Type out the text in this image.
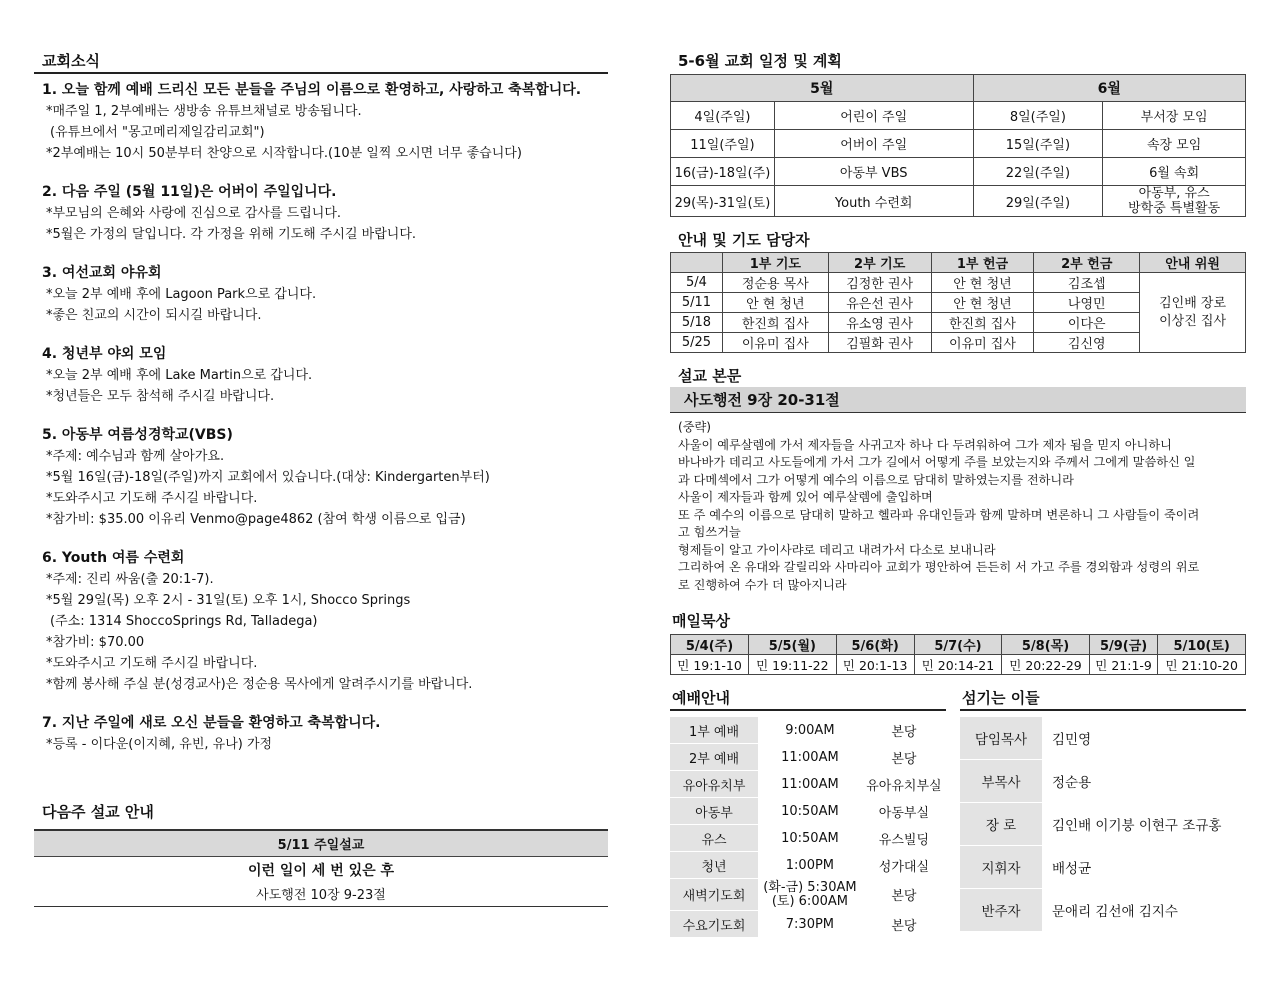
교회소식
1. 오늘 함께 예배 드리신 모든 분들을 주님의 이름으로 환영하고, 사랑하고 축복합니다.
*매주일 1, 2부예배는 생방송 유튜브채널로 방송됩니다.
(유튜브에서 "몽고메리제일감리교회")
*2부예배는 10시 50분부터 찬양으로 시작합니다.(10분 일찍 오시면 너무 좋습니다)
2. 다음 주일 (5월 11일)은 어버이 주일입니다.
*부모님의 은혜와 사랑에 진심으로 감사를 드립니다.
*5월은 가정의 달입니다. 각 가정을 위해 기도해 주시길 바랍니다.
3. 여선교회 야유회
*오늘 2부 예배 후에 Lagoon Park으로 갑니다.
*좋은 친교의 시간이 되시길 바랍니다.
4. 청년부 야외 모임
*오늘 2부 예배 후에 Lake Martin으로 갑니다.
*청년들은 모두 참석해 주시길 바랍니다.
5. 아동부 여름성경학교(VBS)
*주제: 예수님과 함께 살아가요.
*5월 16일(금)-18일(주일)까지 교회에서 있습니다.(대상: Kindergarten부터)
*도와주시고 기도해 주시길 바랍니다.
*참가비: $35.00 이유리 Venmo@page4862 (참여 학생 이름으로 입금)
6. Youth 여름 수련회
*주제: 진리 싸움(출 20:1-7).
*5월 29일(목) 오후 2시 - 31일(토) 오후 1시, Shocco Springs
(주소: 1314 ShoccoSprings Rd, Talladega)
*참가비: $70.00
*도와주시고 기도해 주시길 바랍니다.
*함께 봉사해 주실 분(성경교사)은 정순용 목사에게 알려주시기를 바랍니다.
7. 지난 주일에 새로 오신 분들을 환영하고 축복합니다.
*등록 - 이다운(이지혜, 유빈, 유나) 가정
다음주 설교 안내
5/11 주일설교
이런 일이 세 번 있은 후
사도행전 10장 9-23절
5-6월 교회 일정 및 계획
5월		6월	
4일(주일)	어린이 주일	8일(주일)	부서장 모임
11일(주일)	어버이 주일	15일(주일)	속장 모임
16(금)-18일(주)	아동부 VBS	22일(주일)	6월 속회
29(목)-31일(토)	Youth 수련회	29일(주일)	아동부, 유스
방학중 특별활동
안내 및 기도 담당자
	1부 기도	2부 기도	1부 헌금	2부 헌금	안내 위원
5/4	정순용 목사	김정한 권사	안 현 청년	김조셉	김인배 장로
이상진 집사

5/11	안 현 청년	유은선 권사	안 현 청년	나영민	
5/18	한진희 집사	유소영 권사	한진희 집사	이다은	
5/25	이유미 집사	김필화 권사	이유미 집사	김신영	
설교 본문
사도행전 9장 20-31절
(중략)
사울이 예루살렘에 가서 제자들을 사귀고자 하나 다 두려워하여 그가 제자 됨을 믿지 아니하니
바나바가 데리고 사도들에게 가서 그가 길에서 어떻게 주를 보았는지와 주께서 그에게 말씀하신 일
과 다메섹에서 그가 어떻게 예수의 이름으로 담대히 말하였는지를 전하니라
사울이 제자들과 함께 있어 예루살렘에 출입하며
또 주 예수의 이름으로 담대히 말하고 헬라파 유대인들과 함께 말하며 변론하니 그 사람들이 죽이려
고 힘쓰거늘
형제들이 알고 가이사랴로 데리고 내려가서 다소로 보내니라
그리하여 온 유대와 갈릴리와 사마리아 교회가 평안하여 든든히 서 가고 주를 경외함과 성령의 위로
로 진행하여 수가 더 많아지니라
매일묵상
5/4(주)	5/5(월)	5/6(화)	5/7(수)	5/8(목)	5/9(금)	5/10(토)
민 19:1-10	민 19:11-22	민 20:1-13	민 20:14-21	민 20:22-29	민 21:1-9	민 21:10-20
예배안내
1부 예배	9:00AM	본당
2부 예배	11:00AM	본당
유아유치부	11:00AM	유아유치부실
아동부	10:50AM	아동부실
유스	10:50AM	유스빌딩
청년	1:00PM	성가대실
새벽기도회	(화-금) 5:30AM
(토) 6:00AM	본당
수요기도회	7:30PM	본당
섬기는 이들
담임목사	김민영
부목사	정순용
장 로	김인배 이기붕 이현구 조규홍
지휘자	배성균
반주자	문애리 김선애 김지수
